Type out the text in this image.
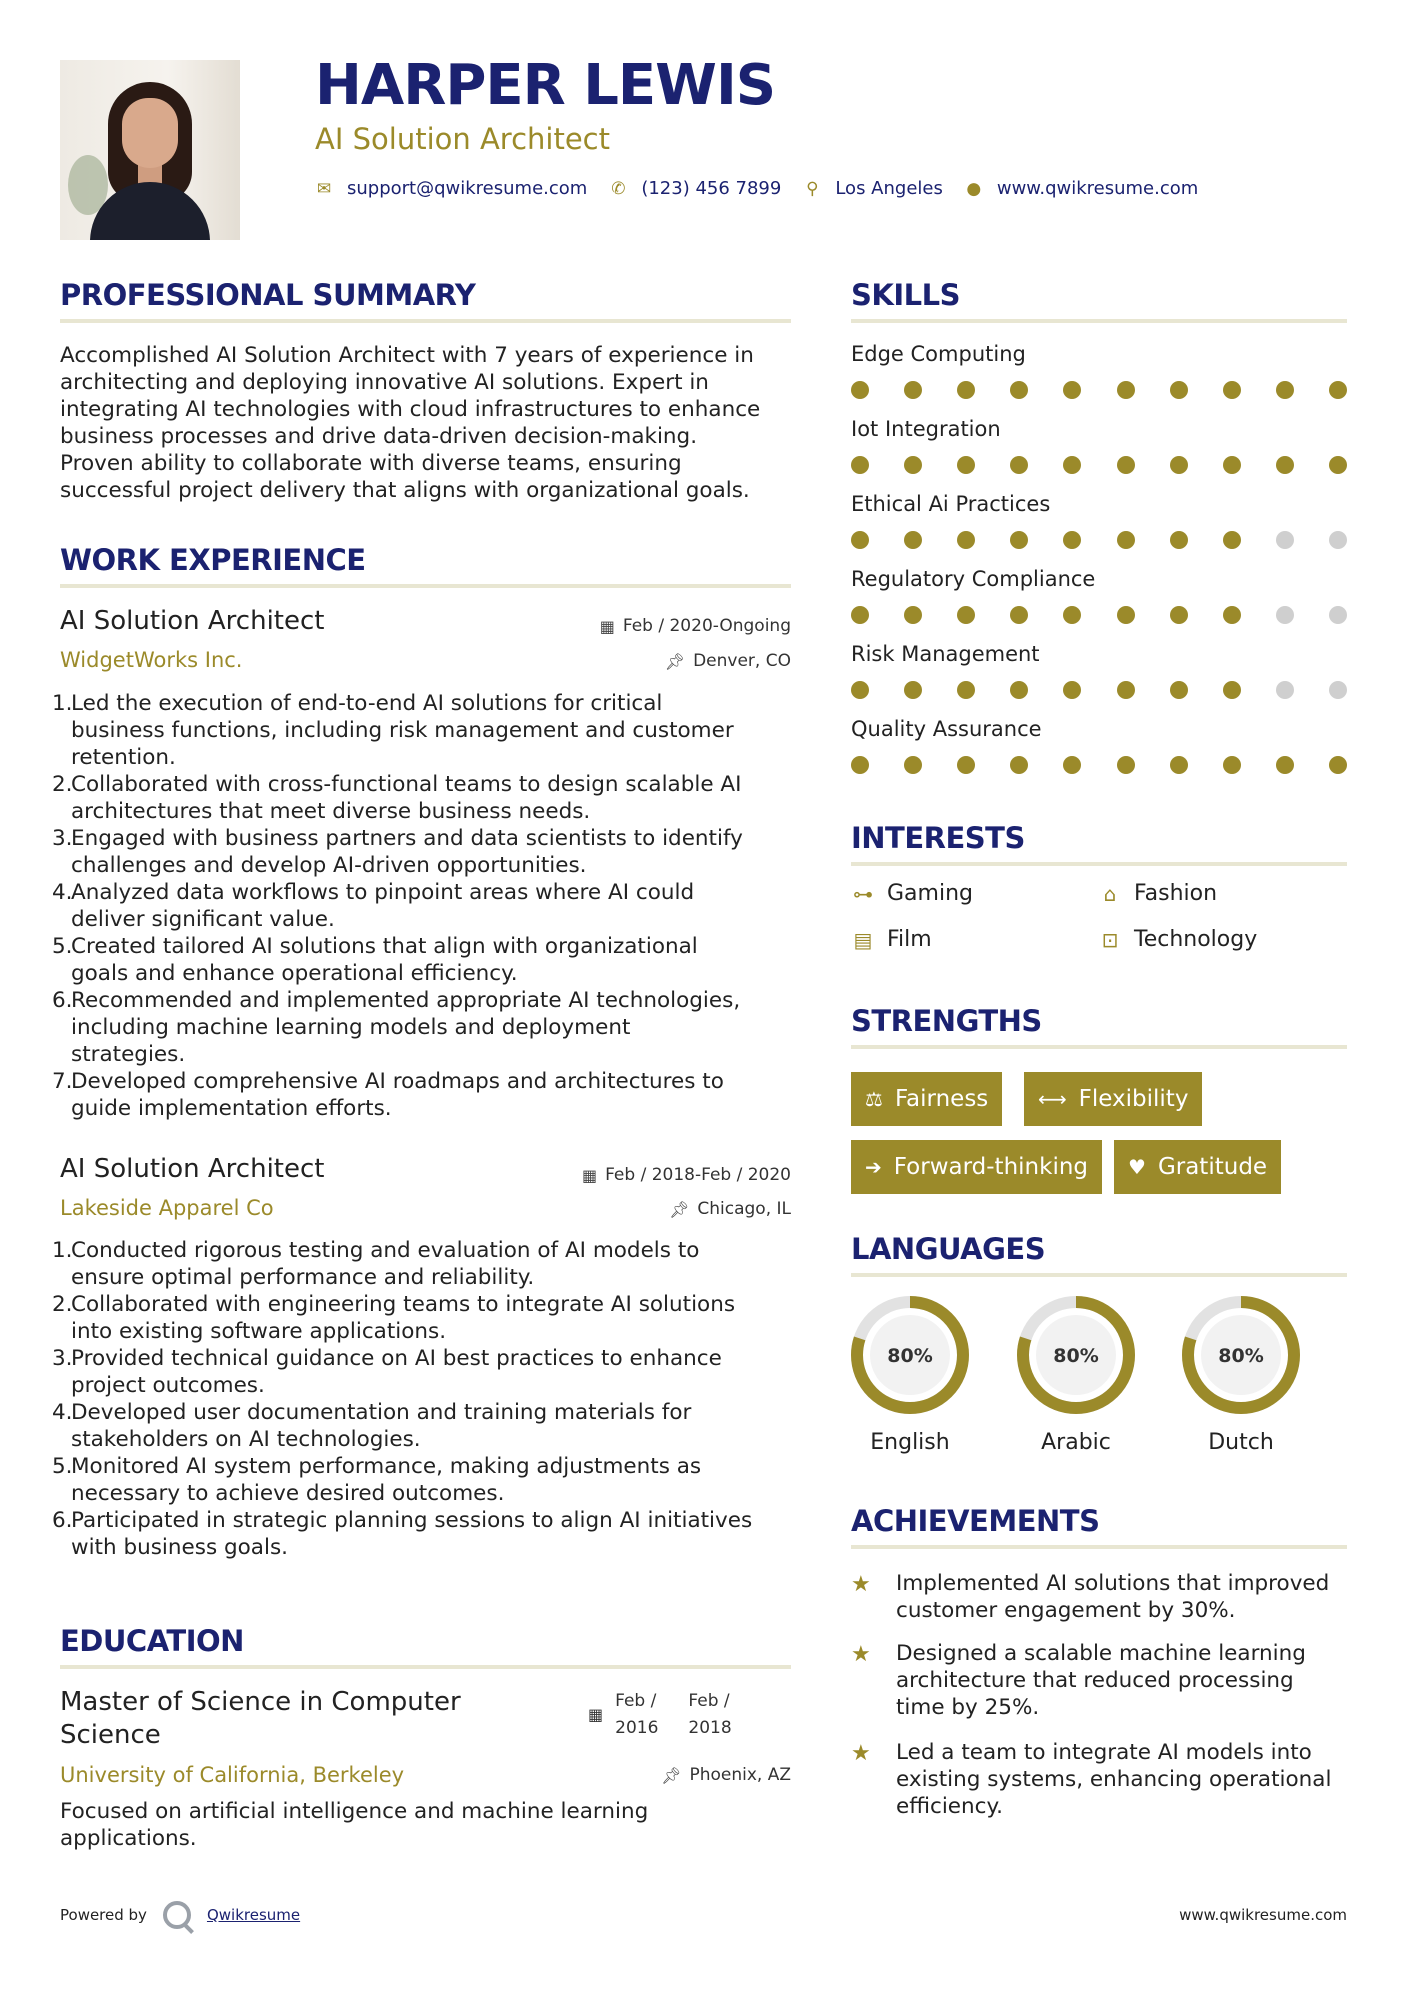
HARPER LEWIS
AI Solution Architect
✉ support@qwikresume.com ✆ (123) 456 7899 ⚲ Los Angeles ● www.qwikresume.com
PROFESSIONAL SUMMARY
Accomplished AI Solution Architect with 7 years of experience in
architecting and deploying innovative AI solutions. Expert in
integrating AI technologies with cloud infrastructures to enhance
business processes and drive data-driven decision-making.
Proven ability to collaborate with diverse teams, ensuring
successful project delivery that aligns with organizational goals.
WORK EXPERIENCE
AI Solution Architect	▦ Feb / 2020-Ongoing
WidgetWorks Inc.	📌︎ Denver, CO
1.
Led the execution of end-to-end AI solutions for critical
business functions, including risk management and customer
retention.
2.
Collaborated with cross-functional teams to design scalable AI
architectures that meet diverse business needs.
3.
Engaged with business partners and data scientists to identify
challenges and develop AI-driven opportunities.
4.
Analyzed data workflows to pinpoint areas where AI could
deliver significant value.
5.
Created tailored AI solutions that align with organizational
goals and enhance operational efficiency.
6.
Recommended and implemented appropriate AI technologies,
including machine learning models and deployment
strategies.
7.
Developed comprehensive AI roadmaps and architectures to
guide implementation efforts.
AI Solution Architect	▦ Feb / 2018-Feb / 2020
Lakeside Apparel Co	📌︎ Chicago, IL
1.
Conducted rigorous testing and evaluation of AI models to
ensure optimal performance and reliability.
2.
Collaborated with engineering teams to integrate AI solutions
into existing software applications.
3.
Provided technical guidance on AI best practices to enhance
project outcomes.
4.
Developed user documentation and training materials for
stakeholders on AI technologies.
5.
Monitored AI system performance, making adjustments as
necessary to achieve desired outcomes.
6.
Participated in strategic planning sessions to align AI initiatives
with business goals.
EDUCATION
Master of Science in Computer
Science
▦
Feb /
2016
Feb /
2018
University of California, Berkeley	📌︎ Phoenix, AZ
Focused on artificial intelligence and machine learning
applications.
SKILLS
Edge Computing
Iot Integration
Ethical Ai Practices
Regulatory Compliance
Risk Management
Quality Assurance
INTERESTS
⊶ Gaming	⌂ Fashion
▤ Film	⊡ Technology
STRENGTHS
⚖ Fairness ⟷ Flexibility
➔ Forward-thinking ♥ Gratitude
LANGUAGES
80%
English
80%
Arabic
80%
Dutch
ACHIEVEMENTS
★	Implemented AI solutions that improved
customer engagement by 30%.
★	Designed a scalable machine learning
architecture that reduced processing
time by 25%.
★	Led a team to integrate AI models into
existing systems, enhancing operational
efficiency.
Powered by	Qwikresume	www.qwikresume.com
